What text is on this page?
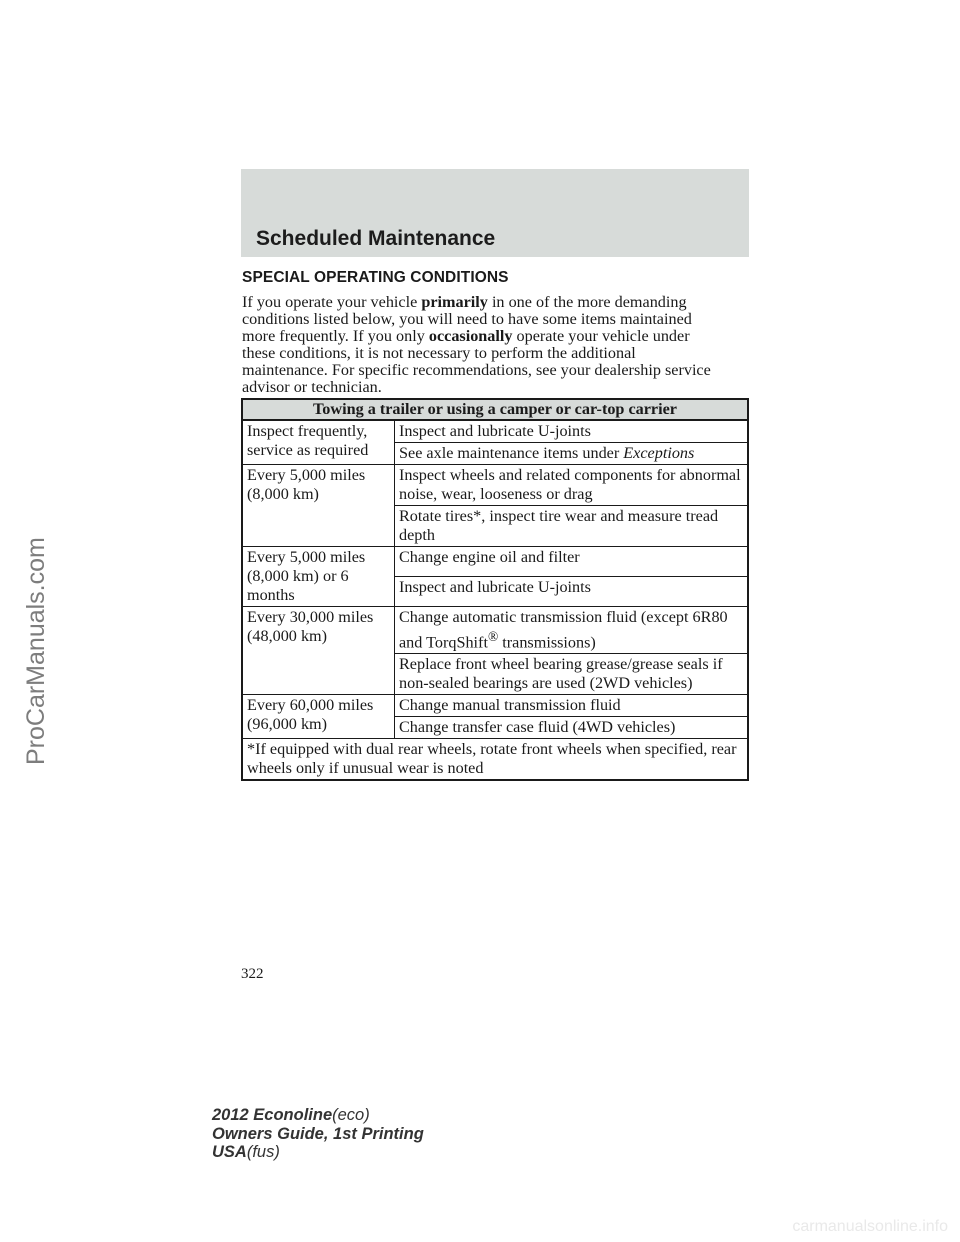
Scheduled Maintenance
SPECIAL OPERATING CONDITIONS

If you operate your vehicle primarily in one of the more demanding
conditions listed below, you will need to have some items maintained
more frequently. If you only occasionally operate your vehicle under
these conditions, it is not necessary to perform the additional
maintenance. For specific recommendations, see your dealership service
advisor or technician.

Towing a trailer or using a camper or car-top carrier	
Inspect frequently, service as required	Inspect and lubricate U-joints
	See axle maintenance items under Exceptions
Every 5,000 miles (8,000 km)	Inspect wheels and related components for abnormal noise, wear, looseness or drag
	Rotate tires*, inspect tire wear and measure tread depth
Every 5,000 miles (8,000 km) or 6 months	Change engine oil and filter
	Inspect and lubricate U-joints
Every 30,000 miles (48,000 km)	Change automatic transmission fluid (except 6R80 and TorqShift® transmissions)
	Replace front wheel bearing grease/grease seals if non-sealed bearings are used (2WD vehicles)
Every 60,000 miles (96,000 km)	Change manual transmission fluid
	Change transfer case fluid (4WD vehicles)
*If equipped with dual rear wheels, rotate front wheels when specified, rear wheels only if unusual wear is noted	
322
2012 Econoline(eco)
Owners Guide, 1st Printing
USA(fus)
ProCarManuals.com
carmanualsonline.info
